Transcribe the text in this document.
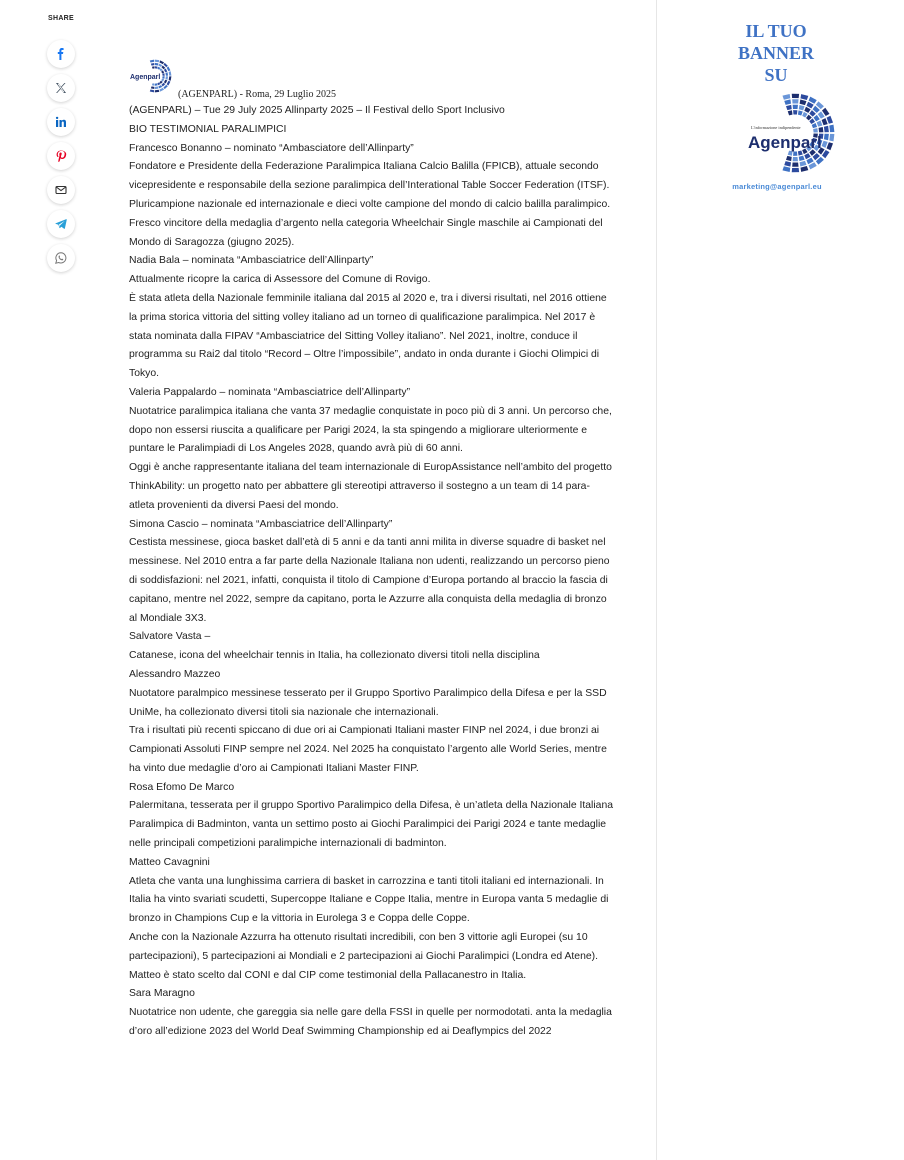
SHARE
IL TUO
BANNER
SU
L'informazione indipendente
Agenparl
marketing@agenparl.eu
Agenparl
(AGENPARL) - Roma, 29 Luglio 2025

(AGENPARL) – Tue 29 July 2025 Allinparty 2025 – Il Festival dello Sport Inclusivo

BIO TESTIMONIAL PARALIMPICI

Francesco Bonanno – nominato “Ambasciatore dell’Allinparty”

Fondatore e Presidente della Federazione Paralimpica Italiana Calcio Balilla (FPICB), attuale secondo vicepresidente e responsabile della sezione paralimpica dell’Interational Table Soccer Federation (ITSF).

Pluricampione nazionale ed internazionale e dieci volte campione del mondo di calcio balilla paralimpico. Fresco vincitore della medaglia d’argento nella categoria Wheelchair Single maschile ai Campionati del Mondo di Saragozza (giugno 2025).

Nadia Bala – nominata “Ambasciatrice dell’Allinparty”

Attualmente ricopre la carica di Assessore del Comune di Rovigo.

È stata atleta della Nazionale femminile italiana dal 2015 al 2020 e, tra i diversi risultati, nel 2016 ottiene la prima storica vittoria del sitting volley italiano ad un torneo di qualificazione paralimpica. Nel 2017 è stata nominata dalla FIPAV “Ambasciatrice del Sitting Volley italiano”. Nel 2021, inoltre, conduce il programma su Rai2 dal titolo “Record – Oltre l’impossibile”, andato in onda durante i Giochi Olimpici di Tokyo.

Valeria Pappalardo – nominata “Ambasciatrice dell’Allinparty”

Nuotatrice paralimpica italiana che vanta 37 medaglie conquistate in poco più di 3 anni. Un percorso che, dopo non essersi riuscita a qualificare per Parigi 2024, la sta spingendo a migliorare ulteriormente e puntare le Paralimpiadi di Los Angeles 2028, quando avrà più di 60 anni.

Oggi è anche rappresentante italiana del team internazionale di EuropAssistance nell’ambito del progetto ThinkAbility: un progetto nato per abbattere gli stereotipi attraverso il sostegno a un team di 14 para-atleta provenienti da diversi Paesi del mondo.

Simona Cascio – nominata “Ambasciatrice dell’Allinparty”

Cestista messinese, gioca basket dall’età di 5 anni e da tanti anni milita in diverse squadre di basket nel messinese. Nel 2010 entra a far parte della Nazionale Italiana non udenti, realizzando un percorso pieno di soddisfazioni: nel 2021, infatti, conquista il titolo di Campione d’Europa portando al braccio la fascia di capitano, mentre nel 2022, sempre da capitano, porta le Azzurre alla conquista della medaglia di bronzo al Mondiale 3X3.

Salvatore Vasta –

Catanese, icona del wheelchair tennis in Italia, ha collezionato diversi titoli nella disciplina

Alessandro Mazzeo

Nuotatore paralmpico messinese tesserato per il Gruppo Sportivo Paralimpico della Difesa e per la SSD UniMe, ha collezionato diversi titoli sia nazionale che internazionali.

Tra i risultati più recenti spiccano di due ori ai Campionati Italiani master FINP nel 2024, i due bronzi ai Campionati Assoluti FINP sempre nel 2024. Nel 2025 ha conquistato l’argento alle World Series, mentre ha vinto due medaglie d’oro ai Campionati Italiani Master FINP.

Rosa Efomo De Marco

Palermitana, tesserata per il gruppo Sportivo Paralimpico della Difesa, è un’atleta della Nazionale Italiana Paralimpica di Badminton, vanta un settimo posto ai Giochi Paralimpici dei Parigi 2024 e tante medaglie nelle principali competizioni paralimpiche internazionali di badminton.

Matteo Cavagnini

Atleta che vanta una lunghissima carriera di basket in carrozzina e tanti titoli italiani ed internazionali. In Italia ha vinto svariati scudetti, Supercoppe Italiane e Coppe Italia, mentre in Europa vanta 5 medaglie di bronzo in Champions Cup e la vittoria in Eurolega 3 e Coppa delle Coppe.

Anche con la Nazionale Azzurra ha ottenuto risultati incredibili, con ben 3 vittorie agli Europei (su 10 partecipazioni), 5 partecipazioni ai Mondiali e 2 partecipazioni ai Giochi Paralimpici (Londra ed Atene).

Matteo è stato scelto dal CONI e dal CIP come testimonial della Pallacanestro in Italia.

Sara Maragno

Nuotatrice non udente, che gareggia sia nelle gare della FSSI in quelle per normodotati. anta la medaglia d’oro all’edizione 2023 del World Deaf Swimming Championship ed ai Deaflympics del 2022
